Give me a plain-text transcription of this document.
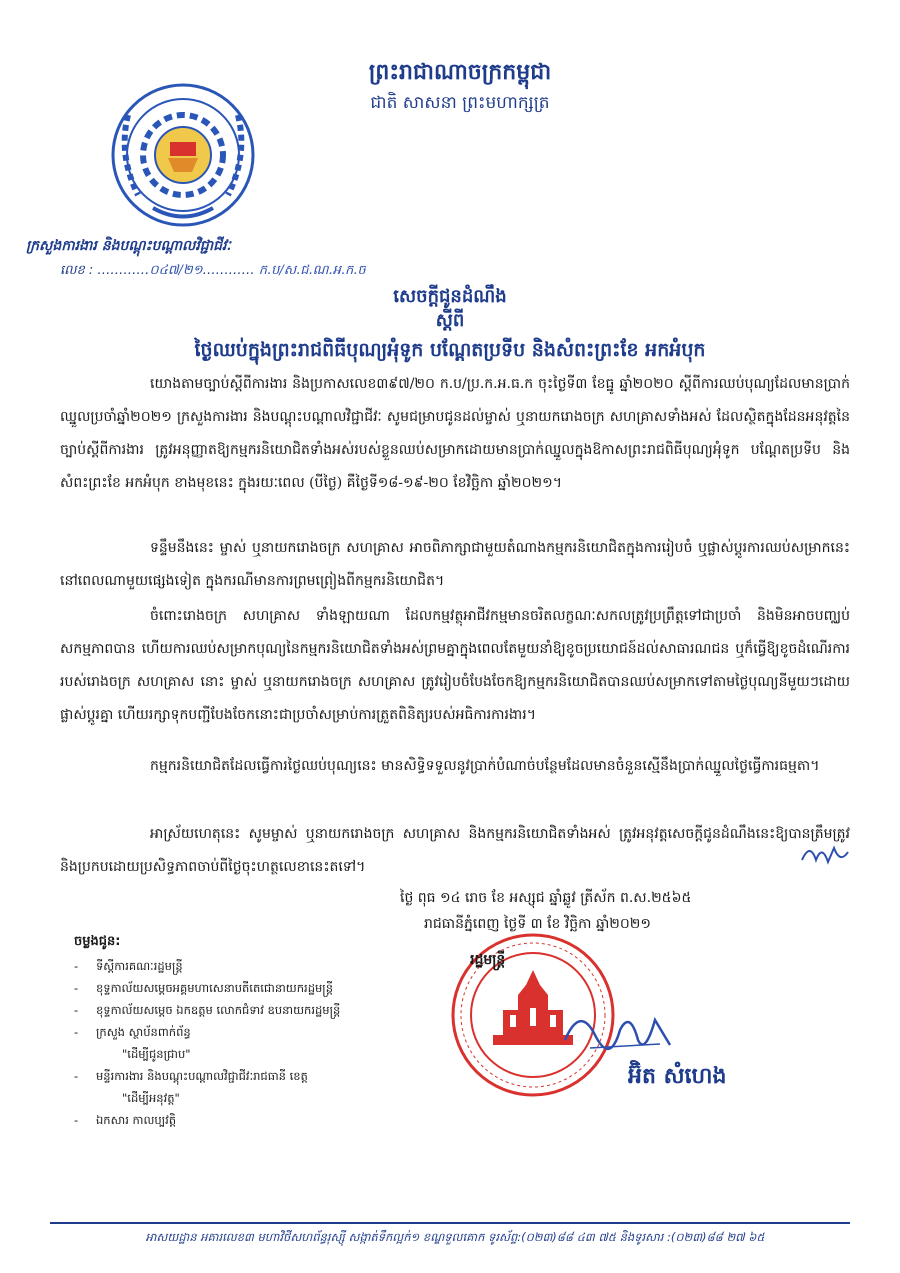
ព្រះរាជាណាចក្រកម្ពុជា
ជាតិ សាសនា ព្រះមហាក្សត្រ
ក្រសួងការងារ និងបណ្តុះបណ្តាលវិជ្ជាជីវៈ
លេខ : …………០៤៧/២១………… ក.ប/ស.ជ.ណ.អ.ក.ច
សេចក្តីជូនដំណឹង
ស្តីពី
ថ្ងៃឈប់ក្នុងព្រះរាជពិធីបុណ្យអុំទូក បណ្តែតប្រទីប និងសំពះព្រះខែ អកអំបុក
យោងតាមច្បាប់ស្តីពីការងារ និងប្រកាសលេខ៣៩៧/២០ ក.ប/ប្រ.ក.អ.ធ.ក ចុះថ្ងៃទី៣ ខែធ្នូ ឆ្នាំ២០២០ ស្តីពីការឈប់បុណ្យដែលមានប្រាក់ឈ្នួលប្រចាំឆ្នាំ២០២១ ក្រសួងការងារ និងបណ្តុះបណ្តាលវិជ្ជាជីវៈ សូមជម្រាបជូនដល់ម្ចាស់ ឬនាយករោងចក្រ សហគ្រាសទាំងអស់ ដែលស្ថិតក្នុងដែនអនុវត្តនៃច្បាប់ស្តីពីការងារ ត្រូវអនុញ្ញាតឱ្យកម្មករនិយោជិតទាំងអស់របស់ខ្លួនឈប់សម្រាកដោយមានប្រាក់ឈ្នួលក្នុងឱកាសព្រះរាជពិធីបុណ្យអុំទូក បណ្តែតប្រទីប និងសំពះព្រះខែ អកអំបុក ខាងមុខនេះ ក្នុងរយៈពេល (បីថ្ងៃ) គឺថ្ងៃទី១៨-១៩-២០ ខែវិច្ឆិកា ឆ្នាំ២០២១។
ទន្ទឹមនឹងនេះ ម្ចាស់ ឬនាយករោងចក្រ សហគ្រាស អាចពិភាក្សាជាមួយតំណាងកម្មករនិយោជិតក្នុងការរៀបចំ ឬផ្លាស់ប្តូរការឈប់សម្រាកនេះនៅពេលណាមួយផ្សេងទៀត ក្នុងករណីមានការព្រមព្រៀងពីកម្មករនិយោជិត។
ចំពោះរោងចក្រ សហគ្រាស ទាំងឡាយណា ដែលកម្មវត្ថុអាជីវកម្មមានចរិតលក្ខណៈសកលត្រូវប្រព្រឹត្តទៅជាប្រចាំ និងមិនអាចបញ្ឈប់សកម្មភាពបាន ហើយការឈប់សម្រាកបុណ្យនៃកម្មករនិយោជិតទាំងអស់ព្រមគ្នាក្នុងពេលតែមួយនាំឱ្យខូចប្រយោជន៍ដល់សាធារណជន ឬក៏ធ្វើឱ្យខូចដំណើរការរបស់រោងចក្រ សហគ្រាស នោះ ម្ចាស់ ឬនាយករោងចក្រ សហគ្រាស ត្រូវរៀបចំបែងចែកឱ្យកម្មករនិយោជិតបានឈប់សម្រាកទៅតាមថ្ងៃបុណ្យនីមួយៗដោយផ្លាស់ប្តូរគ្នា ហើយរក្សាទុកបញ្ជីបែងចែកនោះជាប្រចាំសម្រាប់ការត្រួតពិនិត្យរបស់អធិការការងារ។
កម្មករនិយោជិតដែលធ្វើការថ្ងៃឈប់បុណ្យនេះ មានសិទ្ធិទទួលនូវប្រាក់បំណាច់បន្ថែមដែលមានចំនួនស្មើនឹងប្រាក់ឈ្នួលថ្ងៃធ្វើការធម្មតា។
អាស្រ័យហេតុនេះ សូមម្ចាស់ ឬនាយករោងចក្រ សហគ្រាស និងកម្មករនិយោជិតទាំងអស់ ត្រូវអនុវត្តសេចក្តីជូនដំណឹងនេះឱ្យបានត្រឹមត្រូវ និងប្រកបដោយប្រសិទ្ធភាពចាប់ពីថ្ងៃចុះហត្ថលេខានេះតទៅ។
ថ្ងៃ ពុធ ១៤ រោច ខែ អស្សុជ ឆ្នាំឆ្លូវ ត្រីស័ក ព.ស.២៥៦៥
រាជធានីភ្នំពេញ ថ្ងៃទី ៣ ខែ វិច្ឆិកា ឆ្នាំ២០២១
រដ្ឋមន្ត្រី
អ៊ិត សំហេង
ចម្លងជូន:
- ទីស្តីការគណៈរដ្ឋមន្ត្រី
- ខុទ្ទកាល័យសម្តេចអគ្គមហាសេនាបតីតេជោនាយករដ្ឋមន្ត្រី
- ខុទ្ទកាល័យសម្តេច ឯកឧត្តម លោកជំទាវ ឧបនាយករដ្ឋមន្ត្រី
- ក្រសួង ស្ថាប័នពាក់ព័ន្ធ
"ដើម្បីជូនជ្រាប"
- មន្ទីរការងារ និងបណ្តុះបណ្តាលវិជ្ជាជីវៈរាជធានី ខេត្ត
"ដើម្បីអនុវត្ត"
- ឯកសារ កាលប្បវត្តិ
អាសយដ្ឋាន អគារលេខ៣ មហាវិថីសហព័ន្ធរុស្ស៊ី សង្កាត់ទឹកល្អក់១ ខណ្ឌទួលគោក ទូរស័ព្ទ:(០២៣)៨៨ ៤៣ ៧៥ និងទូរសារ :(០២៣)៨៨ ២៧ ៦៥
